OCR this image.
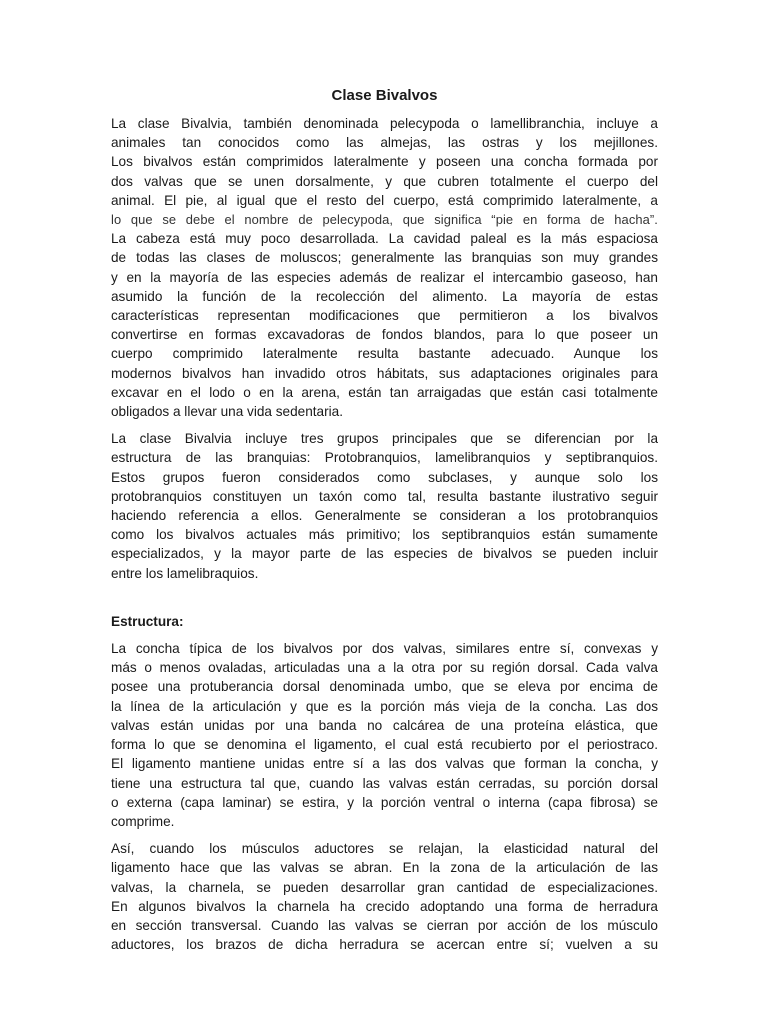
Clase Bivalvos
La clase Bivalvia, también denominada pelecypoda o lamellibranchia, incluye a
animales tan conocidos como las almejas, las ostras y los mejillones.
Los bivalvos están comprimidos lateralmente y poseen una concha formada por
dos valvas que se unen dorsalmente, y que cubren totalmente el cuerpo del
animal. El pie, al igual que el resto del cuerpo, está comprimido lateralmente, a
lo que se debe el nombre de pelecypoda, que significa “pie en forma de hacha”.
La cabeza está muy poco desarrollada. La cavidad paleal es la más espaciosa
de todas las clases de moluscos; generalmente las branquias son muy grandes
y en la mayoría de las especies además de realizar el intercambio gaseoso, han
asumido la función de la recolección del alimento. La mayoría de estas
características representan modificaciones que permitieron a los bivalvos
convertirse en formas excavadoras de fondos blandos, para lo que poseer un
cuerpo comprimido lateralmente resulta bastante adecuado. Aunque los
modernos bivalvos han invadido otros hábitats, sus adaptaciones originales para
excavar en el lodo o en la arena, están tan arraigadas que están casi totalmente
obligados a llevar una vida sedentaria.
La clase Bivalvia incluye tres grupos principales que se diferencian por la
estructura de las branquias: Protobranquios, lamelibranquios y septibranquios.
Estos grupos fueron considerados como subclases, y aunque solo los
protobranquios constituyen un taxón como tal, resulta bastante ilustrativo seguir
haciendo referencia a ellos. Generalmente se consideran a los protobranquios
como los bivalvos actuales más primitivo; los septibranquios están sumamente
especializados, y la mayor parte de las especies de bivalvos se pueden incluir
entre los lamelibraquios.
Estructura:
La concha típica de los bivalvos por dos valvas, similares entre sí, convexas y
más o menos ovaladas, articuladas una a la otra por su región dorsal. Cada valva
posee una protuberancia dorsal denominada umbo, que se eleva por encima de
la línea de la articulación y que es la porción más vieja de la concha. Las dos
valvas están unidas por una banda no calcárea de una proteína elástica, que
forma lo que se denomina el ligamento, el cual está recubierto por el periostraco.
El ligamento mantiene unidas entre sí a las dos valvas que forman la concha, y
tiene una estructura tal que, cuando las valvas están cerradas, su porción dorsal
o externa (capa laminar) se estira, y la porción ventral o interna (capa fibrosa) se
comprime.
Así, cuando los músculos aductores se relajan, la elasticidad natural del
ligamento hace que las valvas se abran. En la zona de la articulación de las
valvas, la charnela, se pueden desarrollar gran cantidad de especializaciones.
En algunos bivalvos la charnela ha crecido adoptando una forma de herradura
en sección transversal. Cuando las valvas se cierran por acción de los músculo
aductores, los brazos de dicha herradura se acercan entre sí; vuelven a su
